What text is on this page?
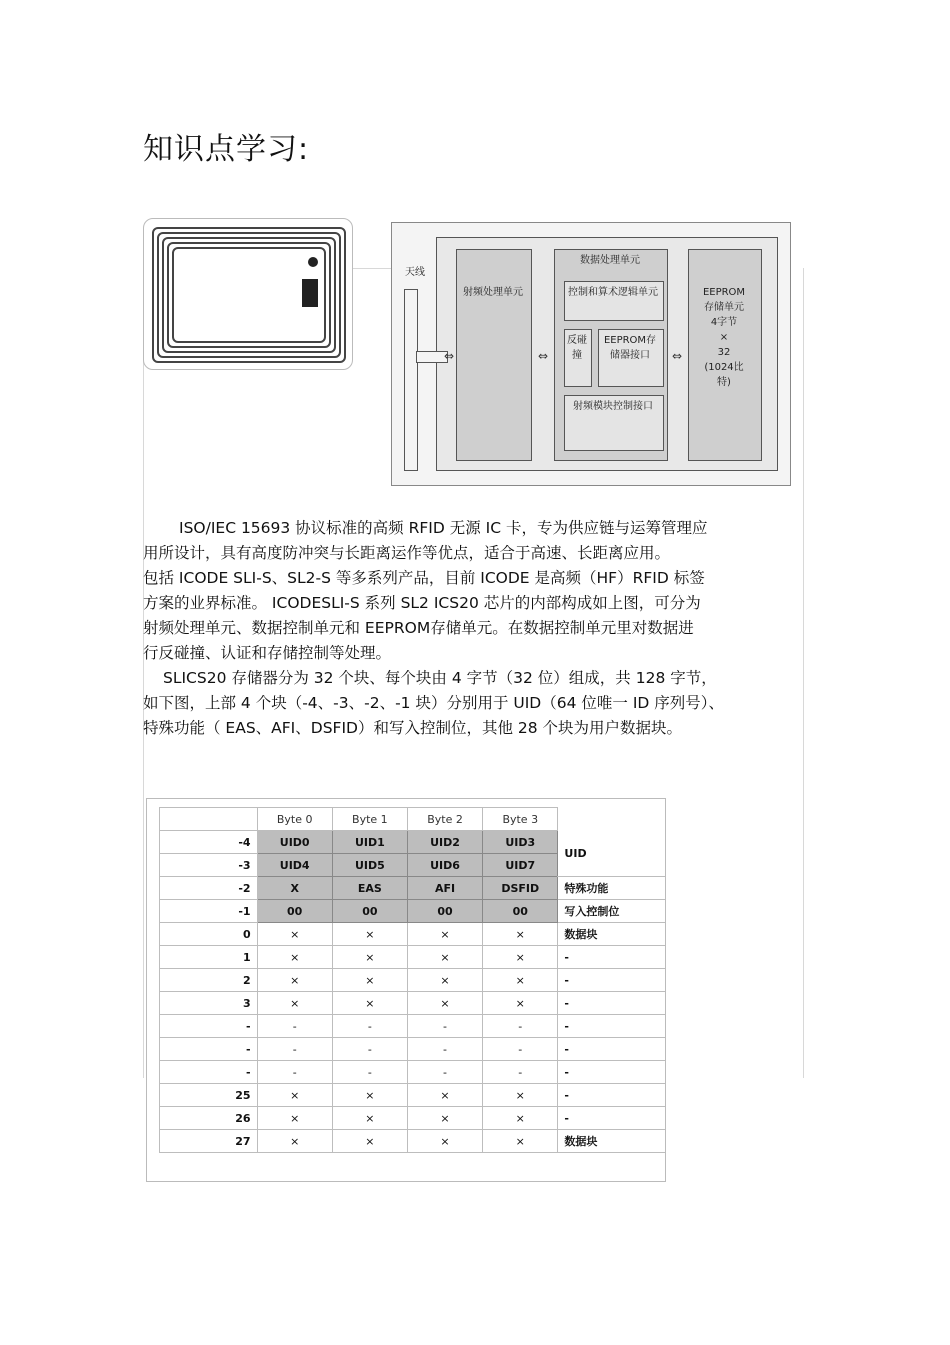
知识点学习:
天线
射频处理单元
数据处理单元
控制和算术逻辑单元
反碰撞
EEPROM存储器接口
射频模块控制接口
EEPROM
存储单元
4字节
×
32
(1024比
特)
⇔	⇔	⇔

ISO/IEC 15693 协议标准的高频 RFID 无源 IC 卡，专为供应链与运筹管理应

用所设计，具有高度防冲突与长距离运作等优点，适合于高速、长距离应用。

包括 ICODE SLI-S、SL2-S 等多系列产品，目前 ICODE 是高频（HF）RFID 标签

方案的业界标准。 ICODESLI-S 系列 SL2 ICS20 芯片的内部构成如上图，可分为

射频处理单元、数据控制单元和 EEPROM存储单元。在数据控制单元里对数据进

行反碰撞、认证和存储控制等处理。

SLICS20 存储器分为 32 个块、每个块由 4 字节（32 位）组成，共 128 字节，

如下图，上部 4 个块（-4、-3、-2、-1 块）分别用于 UID（64 位唯一 ID 序列号）、

特殊功能（ EAS、AFI、DSFID）和写入控制位，其他 28 个块为用户数据块。

	Byte 0	Byte 1	Byte 2	Byte 3	
-4	UID0	UID1	UID2	UID3	UID
-3	UID4	UID5	UID6	UID7	
-2	X	EAS	AFI	DSFID	特殊功能
-1	00	00	00	00	写入控制位
0	×	×	×	×	数据块
1	×	×	×	×	-
2	×	×	×	×	-
3	×	×	×	×	-
-	-	-	-	-	-
-	-	-	-	-	-
-	-	-	-	-	-
25	×	×	×	×	-
26	×	×	×	×	-
27	×	×	×	×	数据块
